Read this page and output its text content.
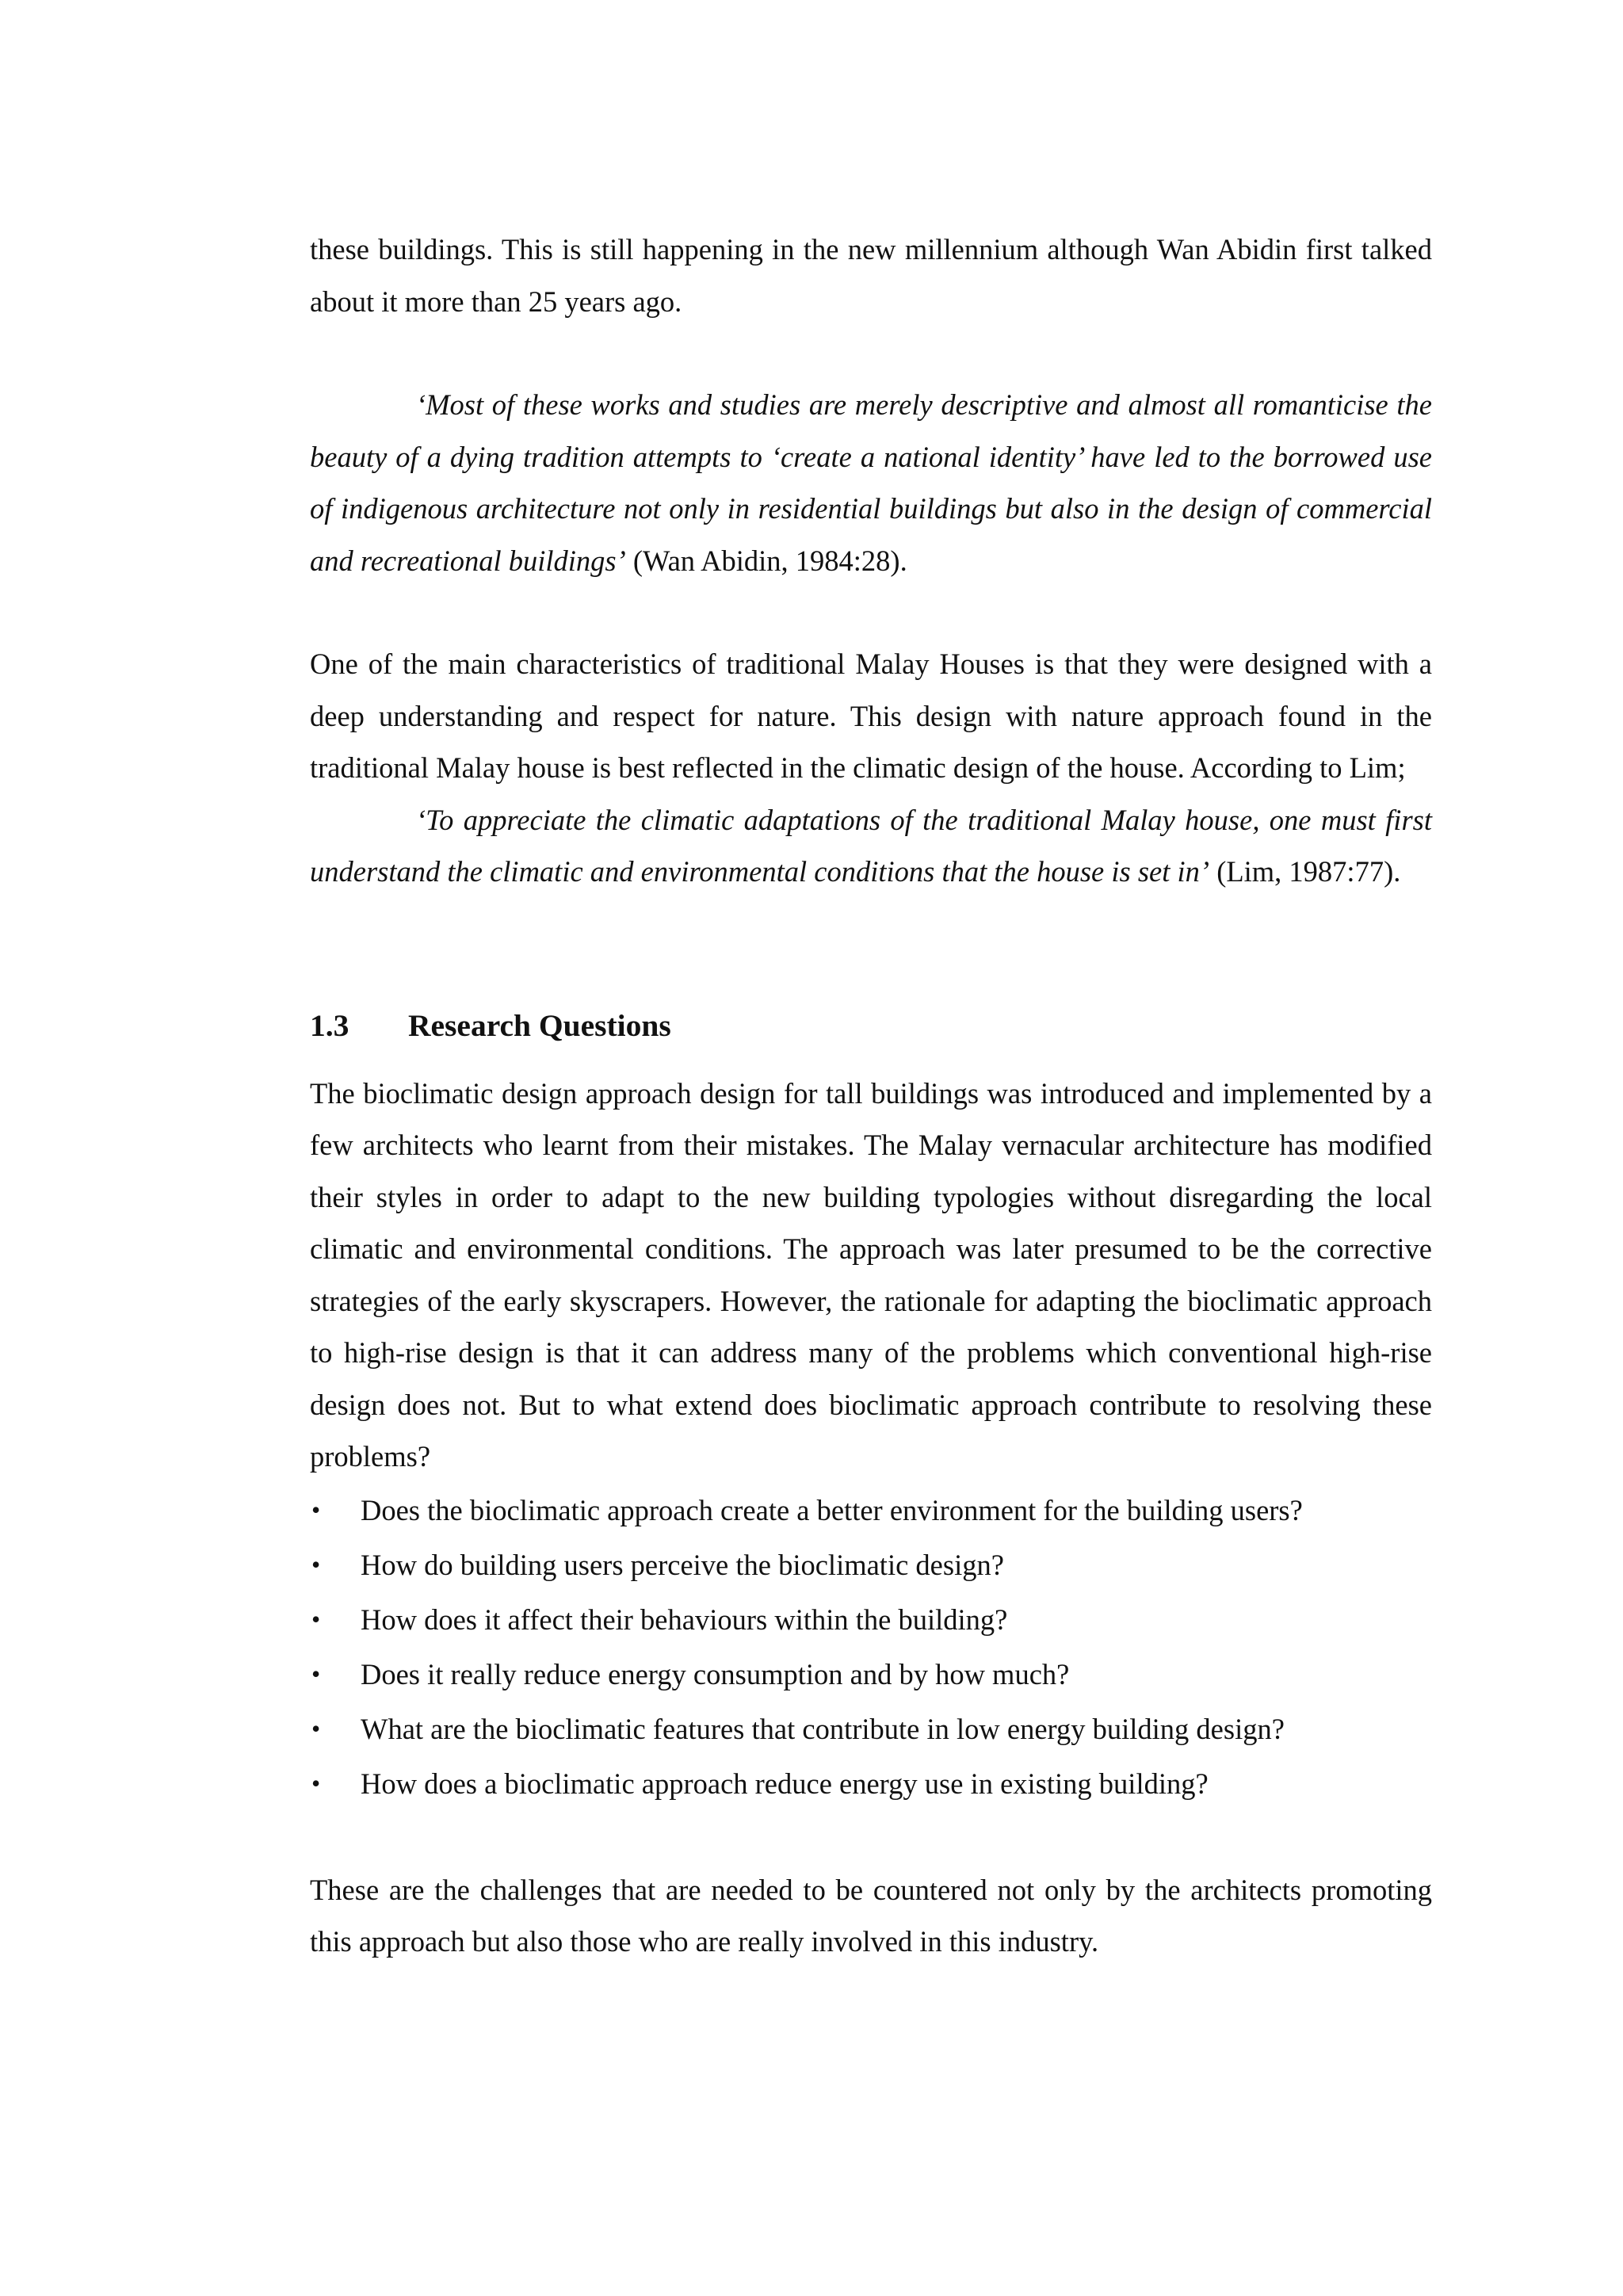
these buildings. This is still happening in the new millennium although Wan Abidin first talked about it more than 25 years ago.

‘Most of these works and studies are merely descriptive and almost all romanticise the beauty of a dying tradition attempts to ‘create a national identity’ have led to the borrowed use of indigenous architecture not only in residential buildings but also in the design of commercial and recreational buildings’ (Wan Abidin, 1984:28).

One of the main characteristics of traditional Malay Houses is that they were designed with a deep understanding and respect for nature. This design with nature approach found in the traditional Malay house is best reflected in the climatic design of the house. According to Lim;

‘To appreciate the climatic adaptations of the traditional Malay house, one must first understand the climatic and environmental conditions that the house is set in’ (Lim, 1987:77).

1.3	Research Questions

The bioclimatic design approach design for tall buildings was introduced and implemented by a few architects who learnt from their mistakes. The Malay vernacular architecture has modified their styles in order to adapt to the new building typologies without disregarding the local climatic and environmental conditions. The approach was later presumed to be the corrective strategies of the early skyscrapers. However, the rationale for adapting the bioclimatic approach to high-rise design is that it can address many of the problems which conventional high-rise design does not. But to what extend does bioclimatic approach contribute to resolving these problems?

•	Does the bioclimatic approach create a better environment for the building users?
•	How do building users perceive the bioclimatic design?
•	How does it affect their behaviours within the building?
•	Does it really reduce energy consumption and by how much?
•	What are the bioclimatic features that contribute in low energy building design?
•	How does a bioclimatic approach reduce energy use in existing building?

These are the challenges that are needed to be countered not only by the architects promoting this approach but also those who are really involved in this industry.
